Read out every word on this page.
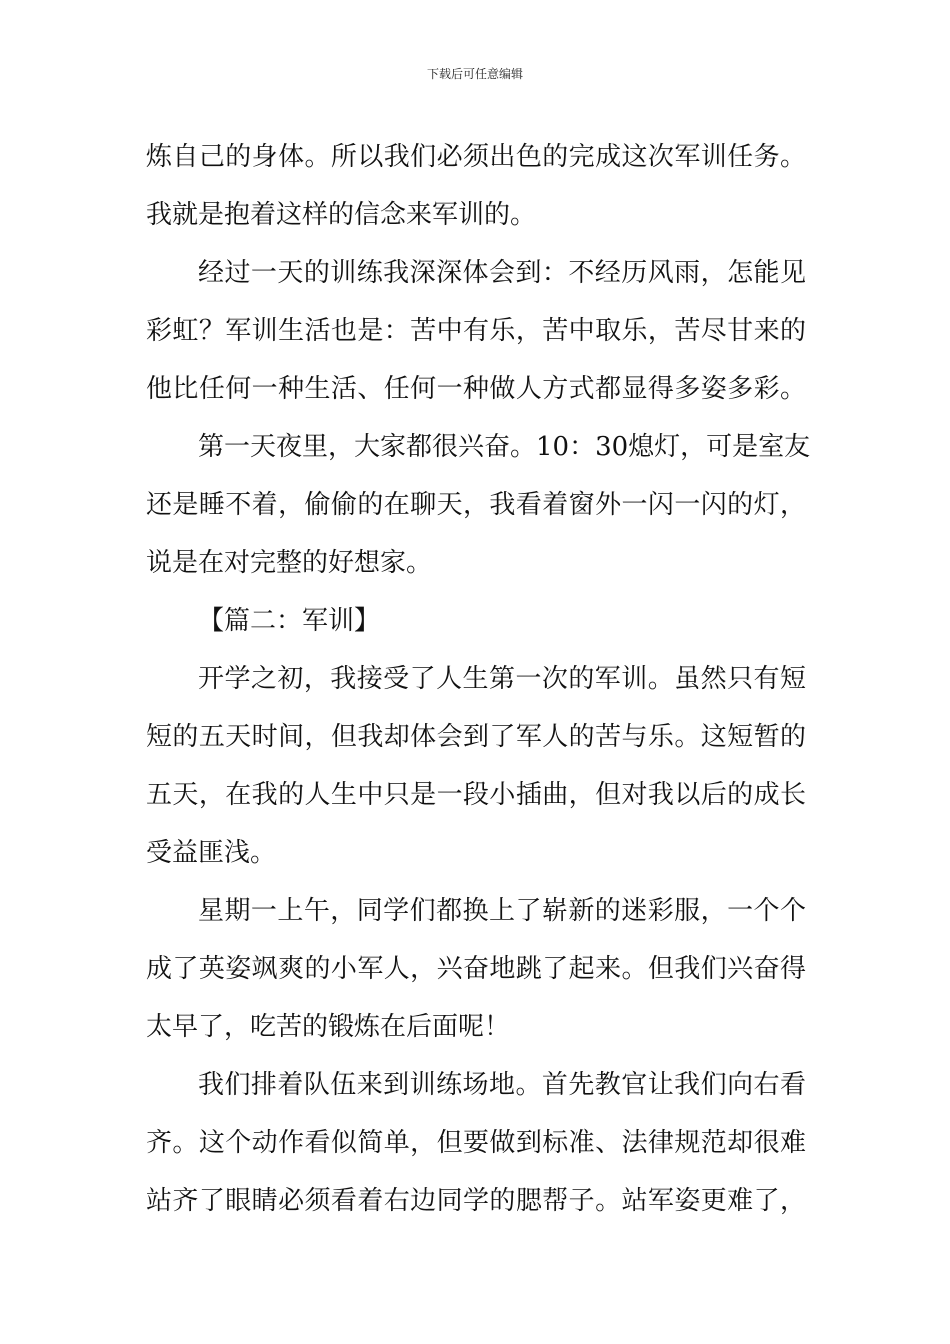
下载后可任意编辑
炼自己的身体。所以我们必须出色的完成这次军训任务。
我就是抱着这样的信念来军训的。
经过一天的训练我深深体会到：不经历风雨，怎能见
彩虹？军训生活也是：苦中有乐，苦中取乐，苦尽甘来的
他比任何一种生活、任何一种做人方式都显得多姿多彩。
第一天夜里，大家都很兴奋。10：30熄灯，可是室友
还是睡不着，偷偷的在聊天，我看着窗外一闪一闪的灯，
说是在对完整的好想家。
【篇二：军训】
开学之初，我接受了人生第一次的军训。虽然只有短
短的五天时间，但我却体会到了军人的苦与乐。这短暂的
五天，在我的人生中只是一段小插曲，但对我以后的成长
受益匪浅。
星期一上午，同学们都换上了崭新的迷彩服，一个个
成了英姿飒爽的小军人，兴奋地跳了起来。但我们兴奋得
太早了，吃苦的锻炼在后面呢！
我们排着队伍来到训练场地。首先教官让我们向右看
齐。这个动作看似简单，但要做到标准、法律规范却很难
站齐了眼睛必须看着右边同学的腮帮子。站军姿更难了，
